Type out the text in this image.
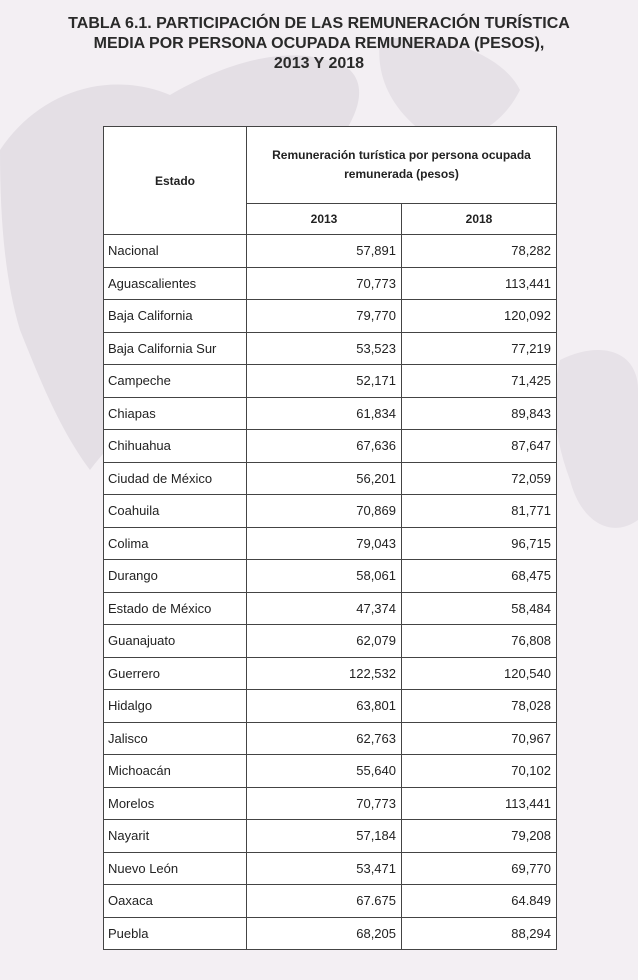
TABLA 6.1. PARTICIPACIÓN DE LAS REMUNERACIÓN TURÍSTICA
MEDIA POR PERSONA OCUPADA REMUNERADA (PESOS),
2013 Y 2018
Estado	Remuneración turística por persona ocupada remunerada (pesos)	
	2013	2018
Nacional	57,891	78,282
Aguascalientes	70,773	113,441
Baja California	79,770	120,092
Baja California Sur	53,523	77,219
Campeche	52,171	71,425
Chiapas	61,834	89,843
Chihuahua	67,636	87,647
Ciudad de México	56,201	72,059
Coahuila	70,869	81,771
Colima	79,043	96,715
Durango	58,061	68,475
Estado de México	47,374	58,484
Guanajuato	62,079	76,808
Guerrero	122,532	120,540
Hidalgo	63,801	78,028
Jalisco	62,763	70,967
Michoacán	55,640	70,102
Morelos	70,773	113,441
Nayarit	57,184	79,208
Nuevo León	53,471	69,770
Oaxaca	67.675	64.849
Puebla	68,205	88,294
